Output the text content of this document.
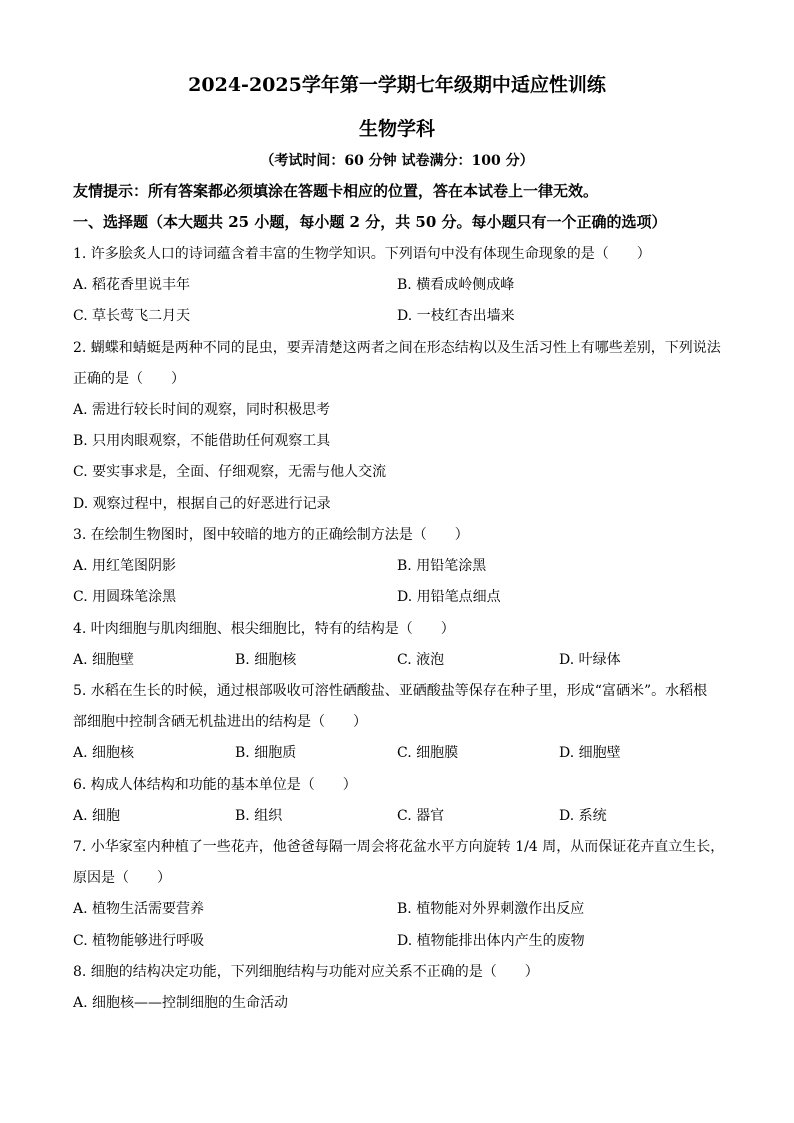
2024-2025学年第一学期七年级期中适应性训练
生物学科
（考试时间：60 分钟 试卷满分：100 分）
友情提示：所有答案都必须填涂在答题卡相应的位置，答在本试卷上一律无效。
一、选择题（本大题共 25 小题，每小题 2 分，共 50 分。每小题只有一个正确的选项）
1. 许多脍炙人口的诗词蕴含着丰富的生物学知识。下列语句中没有体现生命现象的是（　　）
A. 稻花香里说丰年	B. 横看成岭侧成峰
C. 草长莺飞二月天	D. 一枝红杏出墙来
2. 蝴蝶和蜻蜓是两种不同的昆虫，要弄清楚这两者之间在形态结构以及生活习性上有哪些差别，下列说法
正确的是（　　）
A. 需进行较长时间的观察，同时积极思考
B. 只用肉眼观察，不能借助任何观察工具
C. 要实事求是，全面、仔细观察，无需与他人交流
D. 观察过程中，根据自己的好恶进行记录
3. 在绘制生物图时，图中较暗的地方的正确绘制方法是（　　）
A. 用红笔图阴影	B. 用铅笔涂黑
C. 用圆珠笔涂黑	D. 用铅笔点细点
4. 叶肉细胞与肌肉细胞、根尖细胞比，特有的结构是（　　）
A. 细胞壁	B. 细胞核	C. 液泡	D. 叶绿体
5. 水稻在生长的时候，通过根部吸收可溶性硒酸盐、亚硒酸盐等保存在种子里，形成“富硒米”。水稻根
部细胞中控制含硒无机盐进出的结构是（　　）
A. 细胞核	B. 细胞质	C. 细胞膜	D. 细胞壁
6. 构成人体结构和功能的基本单位是（　　）
A. 细胞	B. 组织	C. 器官	D. 系统
7. 小华家室内种植了一些花卉，他爸爸每隔一周会将花盆水平方向旋转 1/4 周，从而保证花卉直立生长，
原因是（　　）
A. 植物生活需要营养	B. 植物能对外界刺激作出反应
C. 植物能够进行呼吸	D. 植物能排出体内产生的废物
8. 细胞的结构决定功能，下列细胞结构与功能对应关系不正确的是（　　）
A. 细胞核——控制细胞的生命活动
